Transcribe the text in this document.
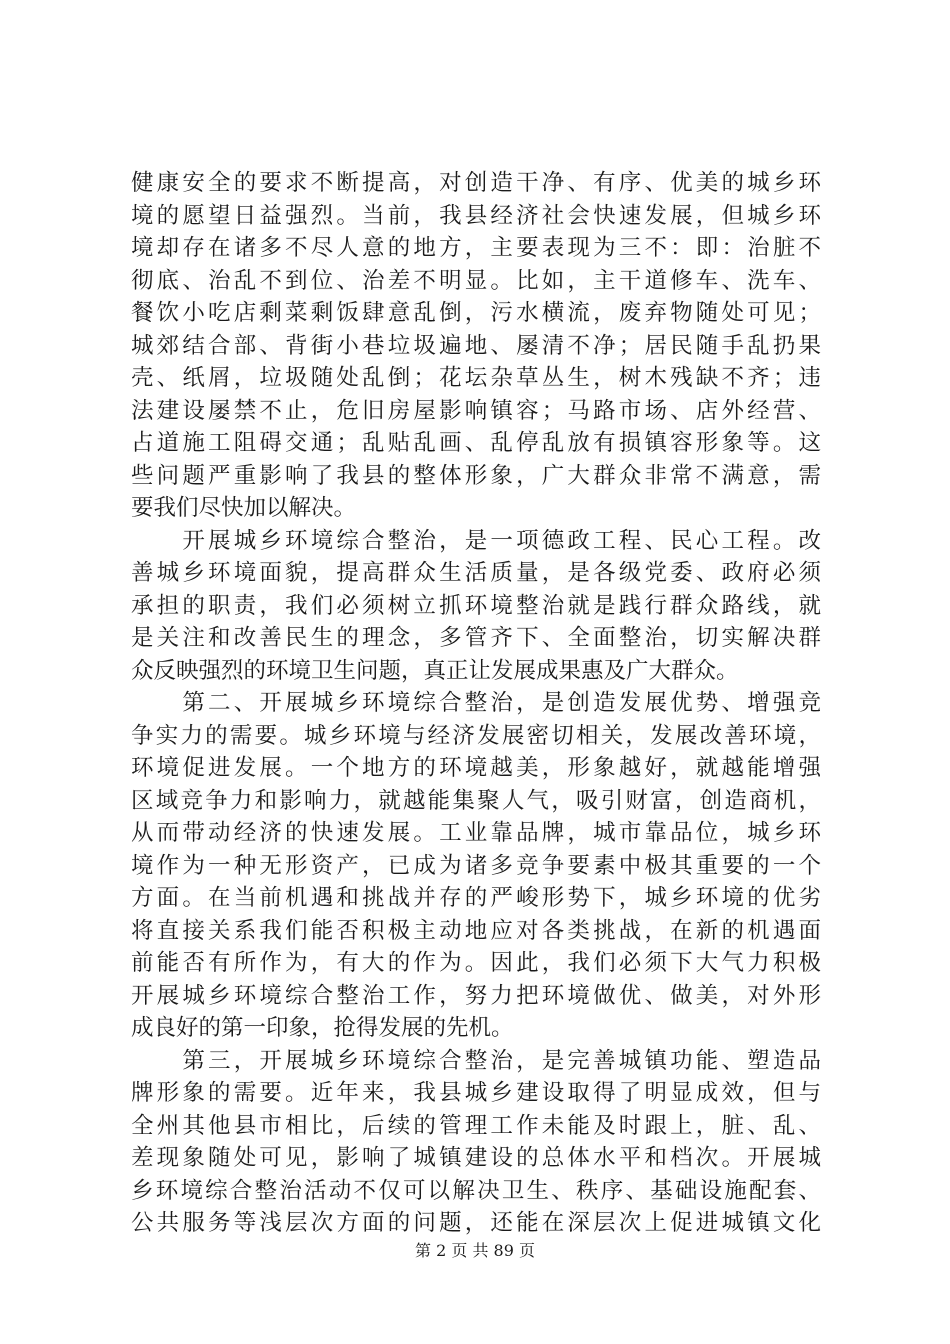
健康安全的要求不断提高，对创造干净、有序、优美的城乡环
境的愿望日益强烈。当前，我县经济社会快速发展，但城乡环
境却存在诸多不尽人意的地方，主要表现为三不：即：治脏不
彻底、治乱不到位、治差不明显。比如，主干道修车、洗车、
餐饮小吃店剩菜剩饭肆意乱倒，污水横流，废弃物随处可见；
城郊结合部、背街小巷垃圾遍地、屡清不净；居民随手乱扔果
壳、纸屑，垃圾随处乱倒；花坛杂草丛生，树木残缺不齐；违
法建设屡禁不止，危旧房屋影响镇容；马路市场、店外经营、
占道施工阻碍交通；乱贴乱画、乱停乱放有损镇容形象等。这
些问题严重影响了我县的整体形象，广大群众非常不满意，需
要我们尽快加以解决。
　　开展城乡环境综合整治，是一项德政工程、民心工程。改
善城乡环境面貌，提高群众生活质量，是各级党委、政府必须
承担的职责，我们必须树立抓环境整治就是践行群众路线，就
是关注和改善民生的理念，多管齐下、全面整治，切实解决群
众反映强烈的环境卫生问题，真正让发展成果惠及广大群众。
　　第二、开展城乡环境综合整治，是创造发展优势、增强竞
争实力的需要。城乡环境与经济发展密切相关，发展改善环境，
环境促进发展。一个地方的环境越美，形象越好，就越能增强
区域竞争力和影响力，就越能集聚人气，吸引财富，创造商机，
从而带动经济的快速发展。工业靠品牌，城市靠品位，城乡环
境作为一种无形资产，已成为诸多竞争要素中极其重要的一个
方面。在当前机遇和挑战并存的严峻形势下，城乡环境的优劣
将直接关系我们能否积极主动地应对各类挑战，在新的机遇面
前能否有所作为，有大的作为。因此，我们必须下大气力积极
开展城乡环境综合整治工作，努力把环境做优、做美，对外形
成良好的第一印象，抢得发展的先机。
　　第三，开展城乡环境综合整治，是完善城镇功能、塑造品
牌形象的需要。近年来，我县城乡建设取得了明显成效，但与
全州其他县市相比，后续的管理工作未能及时跟上，脏、乱、
差现象随处可见，影响了城镇建设的总体水平和档次。开展城
乡环境综合整治活动不仅可以解决卫生、秩序、基础设施配套、
公共服务等浅层次方面的问题，还能在深层次上促进城镇文化
第 2 页 共 89 页
